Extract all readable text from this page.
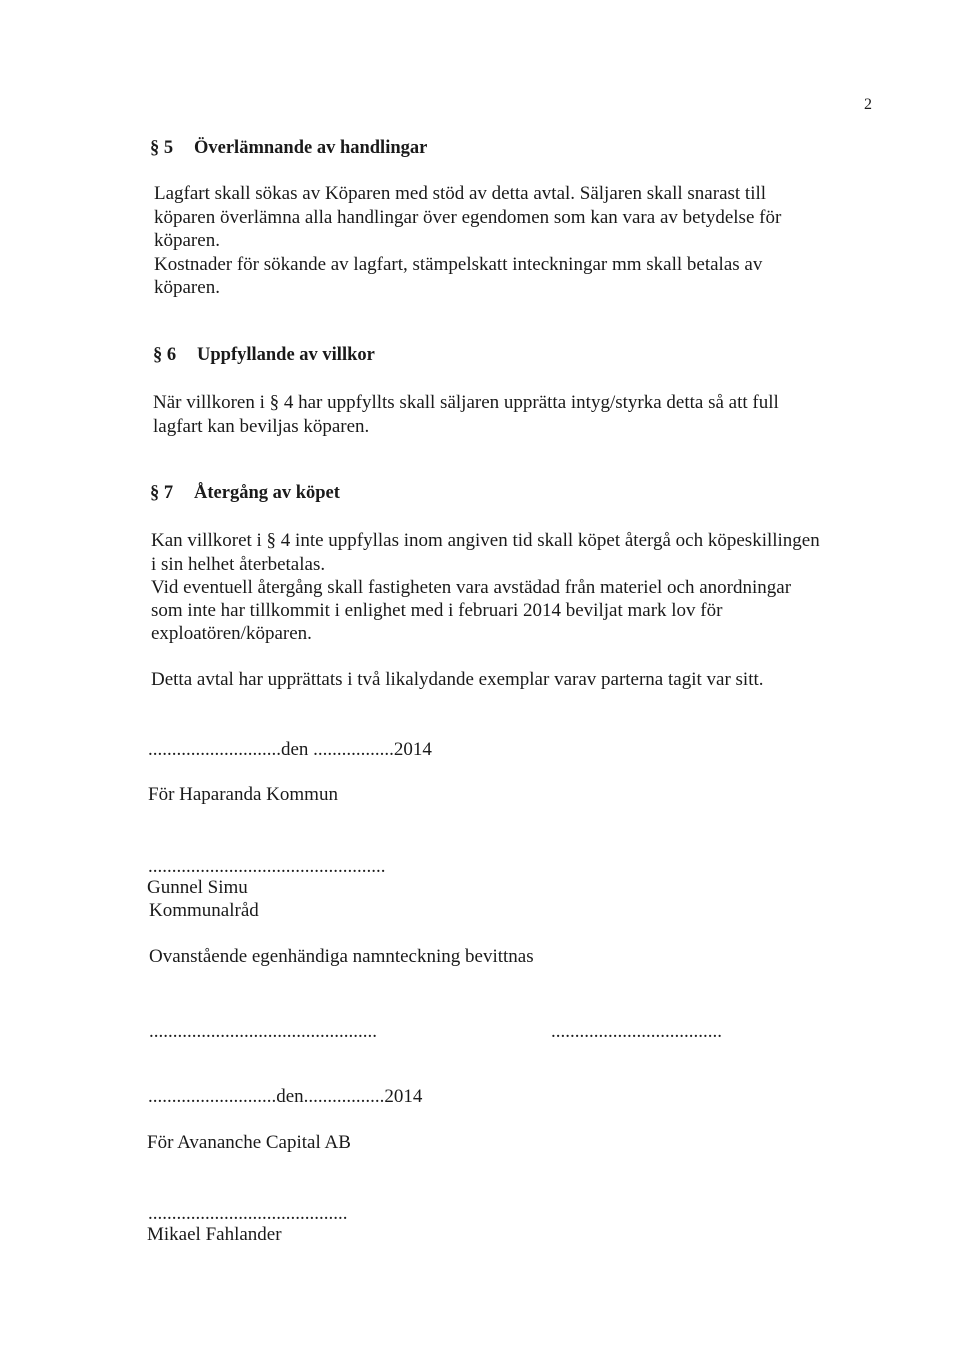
2
§ 5 Överlämnande av handlingar
Lagfart skall sökas av Köparen med stöd av detta avtal. Säljaren skall snarast till
köparen överlämna alla handlingar över egendomen som kan vara av betydelse för
köparen.
Kostnader för sökande av lagfart, stämpelskatt inteckningar mm skall betalas av
köparen.
§ 6 Uppfyllande av villkor
När villkoren i § 4 har uppfyllts skall säljaren upprätta intyg/styrka detta så att full
lagfart kan beviljas köparen.
§ 7 Återgång av köpet
Kan villkoret i § 4 inte uppfyllas inom angiven tid skall köpet återgå och köpeskillingen
i sin helhet återbetalas.
Vid eventuell återgång skall fastigheten vara avstädad från materiel och anordningar
som inte har tillkommit i enlighet med i februari 2014 beviljat mark lov för
exploatören/köparen.
Detta avtal har upprättats i två likalydande exemplar varav parterna tagit var sitt.
............................den .................2014
För Haparanda Kommun
..................................................
Gunnel Simu
Kommunalråd
Ovanstående egenhändiga namnteckning bevittnas
................................................	....................................
...........................den.................2014
För Avananche Capital AB
..........................................
Mikael Fahlander
